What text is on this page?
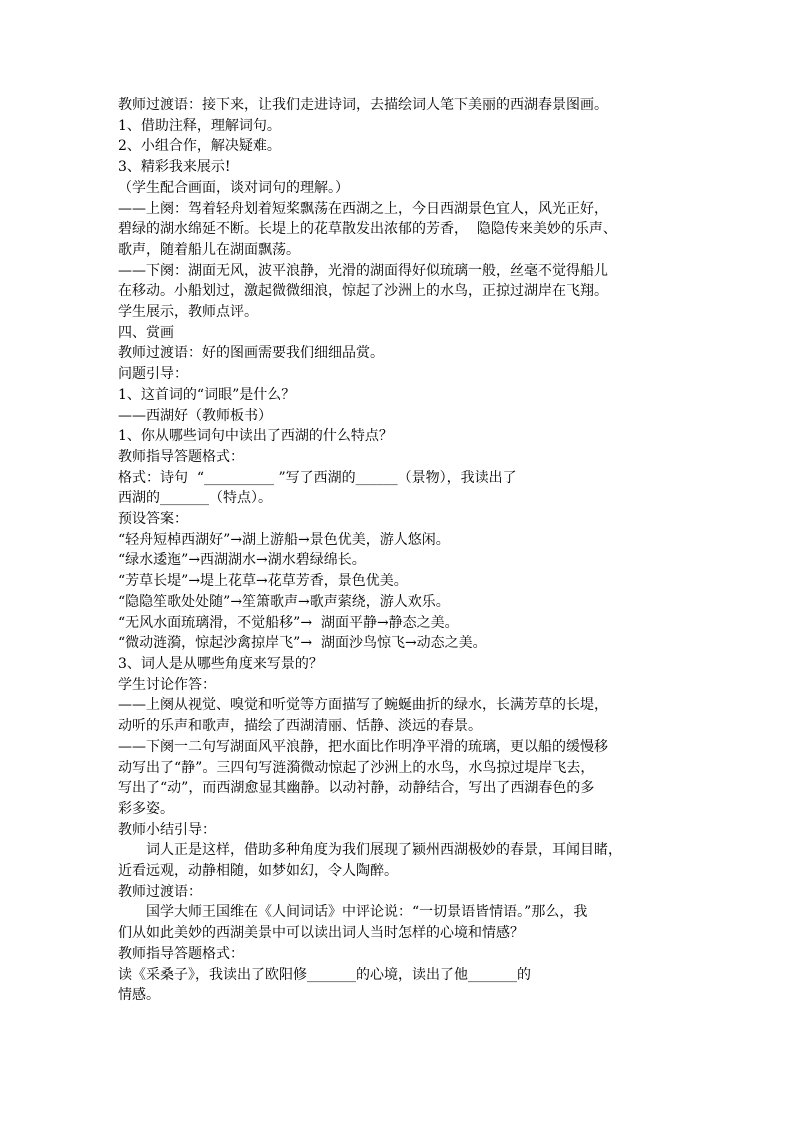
教师过渡语：接下来，让我们走进诗词，去描绘词人笔下美丽的西湖春景图画。

1、借助注释，理解词句。

2、小组合作，解决疑难。

3、精彩我来展示!

（学生配合画面，谈对词句的理解。）

——上阕：驾着轻舟划着短桨飘荡在西湖之上，今日西湖景色宜人，风光正好，

碧绿的湖水绵延不断。长堤上的花草散发出浓郁的芳香，  隐隐传来美妙的乐声、

歌声，随着船儿在湖面飘荡。

——下阕：湖面无风，波平浪静，光滑的湖面得好似琉璃一般，丝毫不觉得船儿

在移动。小船划过，激起微微细浪，惊起了沙洲上的水鸟，正掠过湖岸在飞翔。

学生展示，教师点评。

四、赏画

教师过渡语：好的图画需要我们细细品赏。

问题引导：

1、这首词的“词眼”是什么？

——西湖好（教师板书）

1、你从哪些词句中读出了西湖的什么特点？

教师指导答题格式：

格式：诗句  “__________ ”写了西湖的______（景物），我读出了

西湖的_______（特点）。

预设答案：

“轻舟短棹西湖好”→湖上游船→景色优美，游人悠闲。

“绿水逶迤”→西湖湖水→湖水碧绿绵长。

“芳草长堤”→堤上花草→花草芳香，景色优美。

“隐隐笙歌处处随”→笙箫歌声→歌声萦绕，游人欢乐。

“无风水面琉璃滑，不觉船移”→  湖面平静→静态之美。

“微动涟漪，惊起沙禽掠岸飞”→  湖面沙鸟惊飞→动态之美。

3、词人是从哪些角度来写景的？

学生讨论作答：

——上阕从视觉、嗅觉和听觉等方面描写了蜿蜒曲折的绿水，长满芳草的长堤，

动听的乐声和歌声，描绘了西湖清丽、恬静、淡远的春景。

——下阕一二句写湖面风平浪静，把水面比作明净平滑的琉璃，更以船的缓慢移

动写出了“静”。三四句写涟漪微动惊起了沙洲上的水鸟，水鸟掠过堤岸飞去，

写出了“动”，而西湖愈显其幽静。以动衬静，动静结合，写出了西湖春色的多

彩多姿。

教师小结引导：

词人正是这样，借助多种角度为我们展现了颍州西湖极妙的春景，耳闻目睹，

近看远观，动静相随，如梦如幻，令人陶醉。

教师过渡语：

国学大师王国维在《人间词话》中评论说：“一切景语皆情语。”那么，我

们从如此美妙的西湖美景中可以读出词人当时怎样的心境和情感？

教师指导答题格式：

读《采桑子》，我读出了欧阳修_______的心境，读出了他_______的

情感。
